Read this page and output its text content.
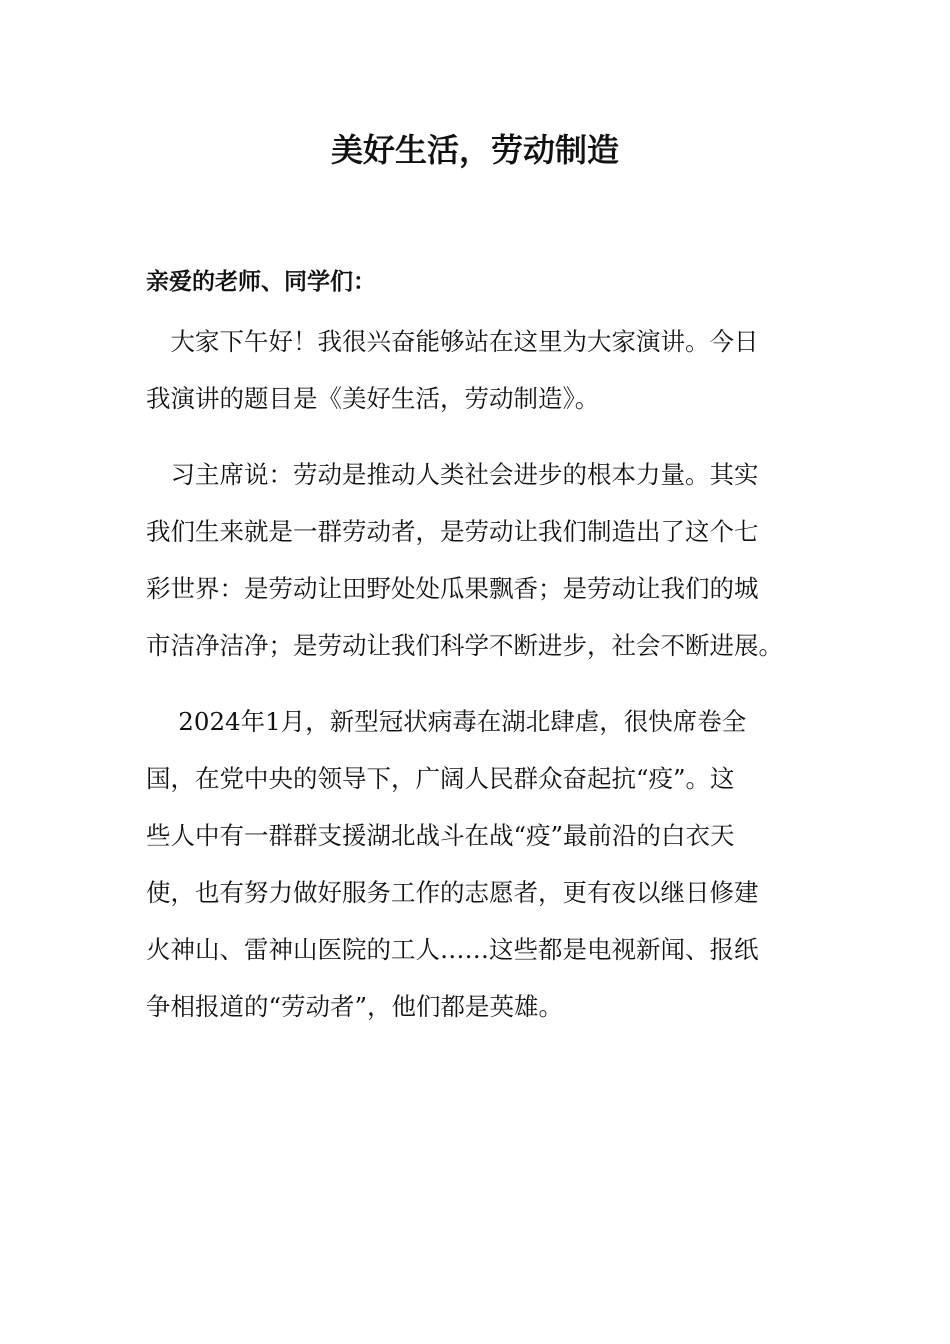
美好生活，劳动制造

亲爱的老师、同学们：

　大家下午好！我很兴奋能够站在这里为大家演讲。今日
我演讲的题目是《美好生活，劳动制造》。

　习主席说：劳动是推动人类社会进步的根本力量。其实
我们生来就是一群劳动者，是劳动让我们制造出了这个七
彩世界：是劳动让田野处处瓜果飘香；是劳动让我们的城
市洁净洁净；是劳动让我们科学不断进步，社会不断进展。

　 2024年1月，新型冠状病毒在湖北肆虐，很快席卷全
国，在党中央的领导下，广阔人民群众奋起抗“疫”。这
些人中有一群群支援湖北战斗在战“疫”最前沿的白衣天
使，也有努力做好服务工作的志愿者，更有夜以继日修建
火神山、雷神山医院的工人……这些都是电视新闻、报纸
争相报道的“劳动者”，他们都是英雄。
